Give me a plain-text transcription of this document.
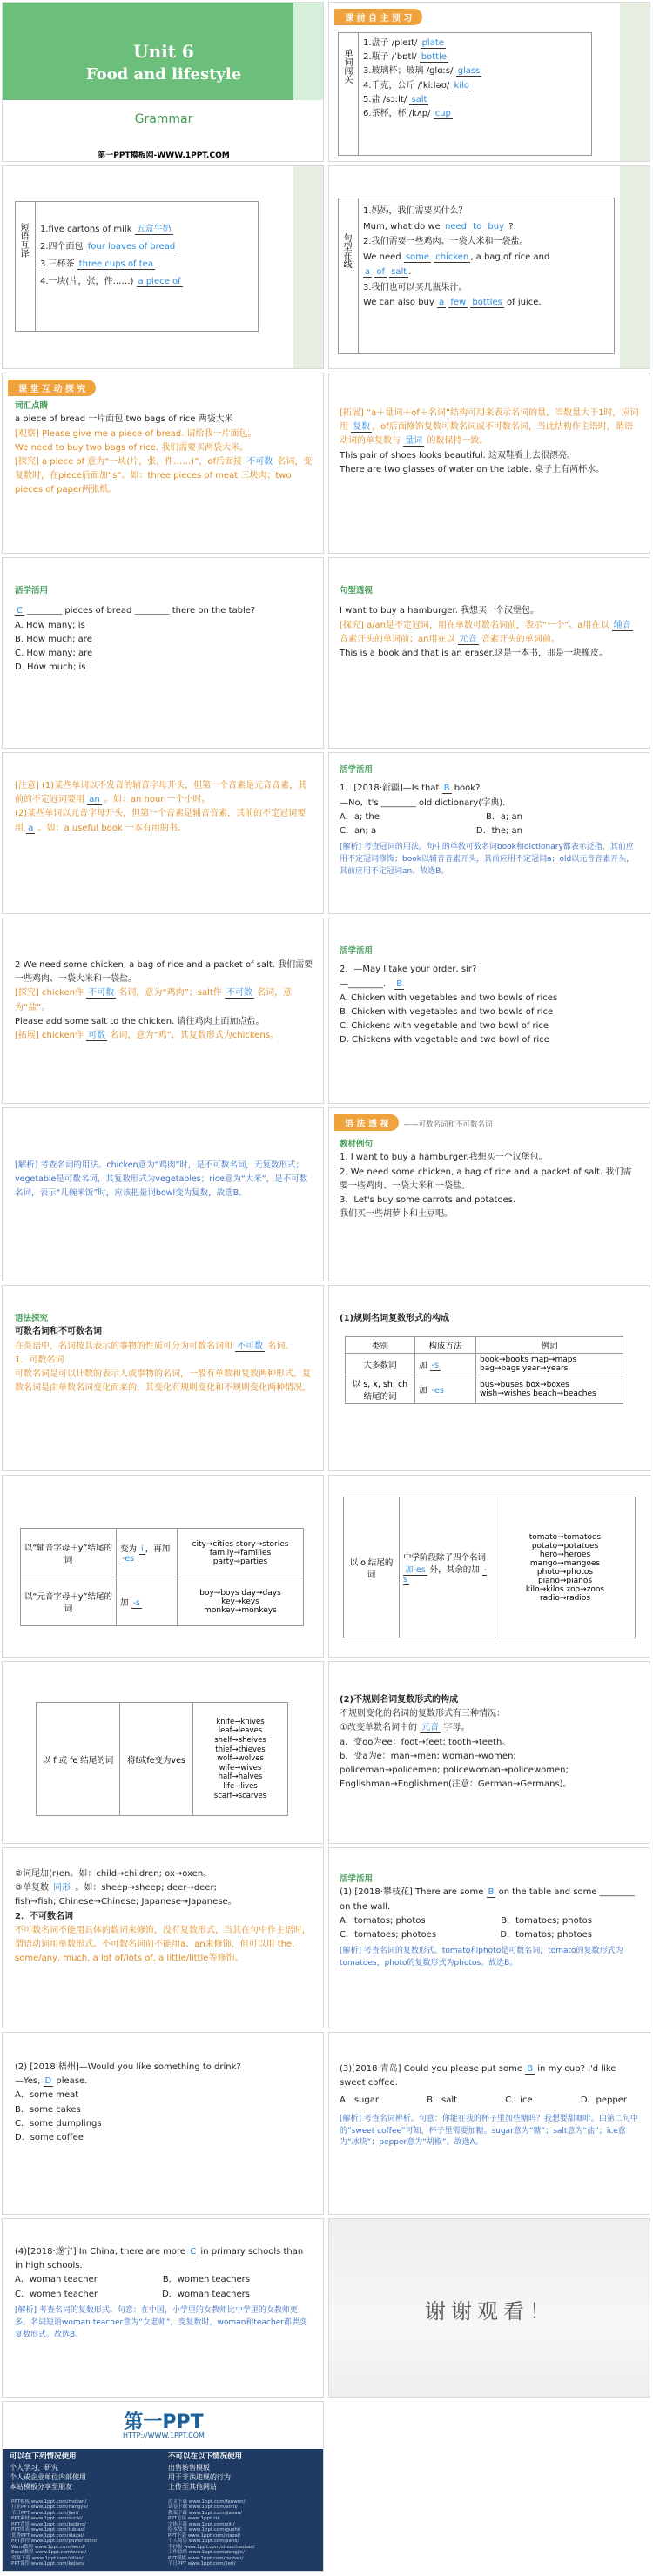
Unit 6
Food and lifestyle
Grammar
第一PPT模板网-WWW.1PPT.COM
课 前 自 主 预 习
单词闯关
1.盘子 /pleɪt/ plate
2.瓶子 /ˈbɒtl/ bottle
3.玻璃杯；玻璃 /ɡlɑːs/ glass
4.千克，公斤 /ˈkiːləʊ/ kilo
5.盐 /sɔːlt/ salt
6.茶杯，杯 /kʌp/ cup
短语互译	1.five cartons of milk 五盒牛奶
2.四个面包 four loaves of bread
3.三杯茶 three cups of tea
4.一块(片，张，件……) a piece of
句型在线
1.妈妈，我们需要买什么？
Mum, what do we need to buy ?
2.我们需要一些鸡肉、一袋大米和一袋盐。
We need some chicken , a bag of rice and
a of salt .
3.我们也可以买几瓶果汁。
We can also buy a few bottles of juice.
课 堂 互 动 探 究
词汇点睛
a piece of bread 一片面包 two bags of rice 两袋大米
[观察] Please give me a piece of bread. 请给我一片面包。
We need to buy two bags of rice. 我们需要买两袋大米。
[探究] a piece of 意为“一块(片，张，件……)”，of后面接 不可数 名词，变复数时，在piece后面加“s”。如：three pieces of meat 三块肉；two pieces of paper两张纸。
[拓展] “a＋量词＋of＋名词”结构可用来表示名词的量，当数量大于1时，应词用 复数 ，of后面修饰复数可数名词或不可数名词，当此结构作主语时，谓语动词的单复数与 量词 的数保持一致。
This pair of shoes looks beautiful. 这双鞋看上去很漂亮。
There are two glasses of water on the table. 桌子上有两杯水。
活学活用
C ________ pieces of bread ________ there on the table?
A. How many; is
B. How much; are
C. How many; are
D. How much; is
句型透视
I want to buy a hamburger. 我想买一个汉堡包。
[探究] a/an是不定冠词，用在单数可数名词前，表示“一个”。a用在以 辅音 音素开头的单词前；an用在以 元音 音素开头的单词前。
This is a book and that is an eraser.这是一本书，那是一块橡皮。
[注意] (1)某些单词以不发音的辅音字母开头，但第一个音素是元音音素，其前的不定冠词要用 an 。如：an hour 一个小时。
(2)某些单词以元音字母开头，但第一个音素是辅音音素，其前的不定冠词要用 a 。如：a useful book 一本有用的书。
活学活用
1．[2018·新疆]—Is that B book?
—No, it's ________ old dictionary(字典)．
A．a; the	B．a; an
C．an; a	D．the; an
[解析] 考查冠词的用法。句中的单数可数名词book和dictionary都表示泛指，其前应用不定冠词修饰；book以辅音音素开头，其前应用不定冠词a；old以元音音素开头，其前应用不定冠词an。故选B。
2 We need some chicken, a bag of rice and a packet of salt. 我们需要一些鸡肉、一袋大米和一袋盐。
[探究] chicken作 不可数 名词，意为“鸡肉”；salt作 不可数 名词，意为“盐”。
Please add some salt to the chicken. 请往鸡肉上面加点盐。
[拓展] chicken作 可数 名词，意为“鸡”，其复数形式为chickens。
活学活用
2．—May I take your order, sir?
—________． B
A. Chicken with vegetables and two bowls of rices
B. Chicken with vegetables and two bowls of rice
C. Chickens with vegetable and two bowl of rice
D. Chickens with vegetable and two bowl of rice
[解析] 考查名词的用法。chicken意为“鸡肉”时，是不可数名词，无复数形式；vegetable是可数名词，其复数形式为vegetables；rice意为“大米”，是不可数名词，表示“几碗米饭”时，应该把量词bowl变为复数，故选B。
语 法 透 视 ——可数名词和不可数名词
教材例句
1. I want to buy a hamburger.我想买一个汉堡包。
2. We need some chicken, a bag of rice and a packet of salt. 我们需要一些鸡肉、一袋大米和一袋盐。
3．Let's buy some carrots and potatoes.
我们买一些胡萝卜和土豆吧。
语法探究
可数名词和不可数名词
在英语中，名词按其表示的事物的性质可分为可数名词和 不可数 名词。
1．可数名词
可数名词是可以计数的表示人或事物的名词，一般有单数和复数两种形式。复数名词是由单数名词变化而来的，其变化有规则变化和不规则变化两种情况。
(1)规则名词复数形式的构成
类别	构成方法	例词
大多数词	加 -s	book→books map→maps
bag→bags year→years
以 s, x, sh, ch 结尾的词	加 -es	bus→buses box→boxes
wish→wishes beach→beaches
以“辅音字母＋y”结尾的词	变为 i ，再加 -es	city→cities story→stories
family→families
party→parties
以“元音字母＋y”结尾的词	加 -s	boy→boys day→days
key→keys
monkey→monkeys
以 o 结尾的词	中学阶段除了四个名词 加-es 外，其余的加 -s	tomato→tomatoes
potato→potatoes
hero→heroes
mango→mangoes
photo→photos
piano→pianos
kilo→kilos zoo→zoos
radio→radios
以 f 或 fe 结尾的词	将f或fe变为ves	knife→knives
leaf→leaves
shelf→shelves
thief→thieves
wolf→wolves
wife→wives
half→halves
life→lives
scarf→scarves
(2)不规则名词复数形式的构成
不规则变化的名词的复数形式有三种情况：
①改变单数名词中的 元音 字母。
a．变oo为ee：foot→feet; tooth→teeth。
b．变a为e：man→men; woman→women;
policeman→policemen; policewoman→policewomen;
Englishman→Englishmen(注意：German→Germans)。
②词尾加(r)en。如：child→children; ox→oxen。
③单复数 同形 。如：sheep→sheep; deer→deer;
fish→fish; Chinese→Chinese; Japanese→Japanese。
2．不可数名词
不可数名词不能用具体的数词来修饰，没有复数形式，当其在句中作主语时，谓语动词用单数形式。不可数名词前不能用a、an来修饰，但可以用 the, some/any, much, a lot of/lots of, a little/little等修饰。
活学活用
(1) [2018·攀枝花] There are some B on the table and some ________ on the wall.
A．tomatos; photos	B．tomatoes; photos
C．tomatoes; photoes	D．tomatos; photoes
[解析] 考查名词的复数形式。tomato和photo是可数名词，tomato的复数形式为tomatoes，photo的复数形式为photos。故选B。
(2) [2018·梧州]—Would you like something to drink?
—Yes, D please.
A．some meat
B．some cakes
C．some dumplings
D．some coffee
(3)[2018·青岛] Could you please put some B in my cup? I'd like sweet coffee.
A．sugar	B．salt	C．ice	D．pepper
[解析] 考查名词辨析。句意：你能在我的杯子里加些糖吗？我想要甜咖啡。由第二句中的“sweet coffee”可知，杯子里需要加糖。sugar意为“糖”；salt意为“盐”；ice意为“冰块”；pepper意为“胡椒”。故选A。
(4)[2018·遂宁] In China, there are more C in primary schools than in high schools.
A．woman teacher	B．women teachers
C．women teacher	D．woman teachers
[解析] 考查名词的复数形式。句意：在中国，小学里的女教师比中学里的女教师更多。名词短语woman teacher意为“女老师”，变复数时，woman和teacher都要变复数形式。故选B。
谢谢观看！
第一PPT
HTTP://WWW.1PPT.COM
可以在下列情况使用
个人学习、研究
个人或企业单位内部使用
本站模板分享至朋友
不可以在以下情况使用
出售转售模板
用于非法违规的行为
上传至其他网站
PPT模板 www.1ppt.com/moban/
行业PPT www.1ppt.com/hangye/
节日PPT www.1ppt.com/jieri/
PPT素材 www.1ppt.com/sucai/
PPT背景 www.1ppt.com/beijing/
PPT图表 www.1ppt.com/tubiao/
优秀PPT www.1ppt.com/xiazai/
PPT教程 www.1ppt.com/powerpoint/
Word教程 www.1ppt.com/word/
Excel教程 www.1ppt.com/excel/
资料下载 www.1ppt.com/ziliao/
PPT课件 www.1ppt.com/kejian/
范文下载 www.1ppt.com/fanwen/
试卷下载 www.1ppt.com/shiti/
教案下载 www.1ppt.com/jiaoan/
PPT论坛 www.1ppt.cn
字体下载 www.1ppt.com/ziti/
绘本故事 www.1ppt.com/gushi/
PPT下载 www.1ppt.com/xiazai/
个人简历 www.1ppt.com/jianli/
手抄报 www.1ppt.com/shouchaobao/
工作总结 www.1ppt.com/zongjie/
PPT模板 www.1ppt.com/moban/
节日PPT www.1ppt.com/jieri/
